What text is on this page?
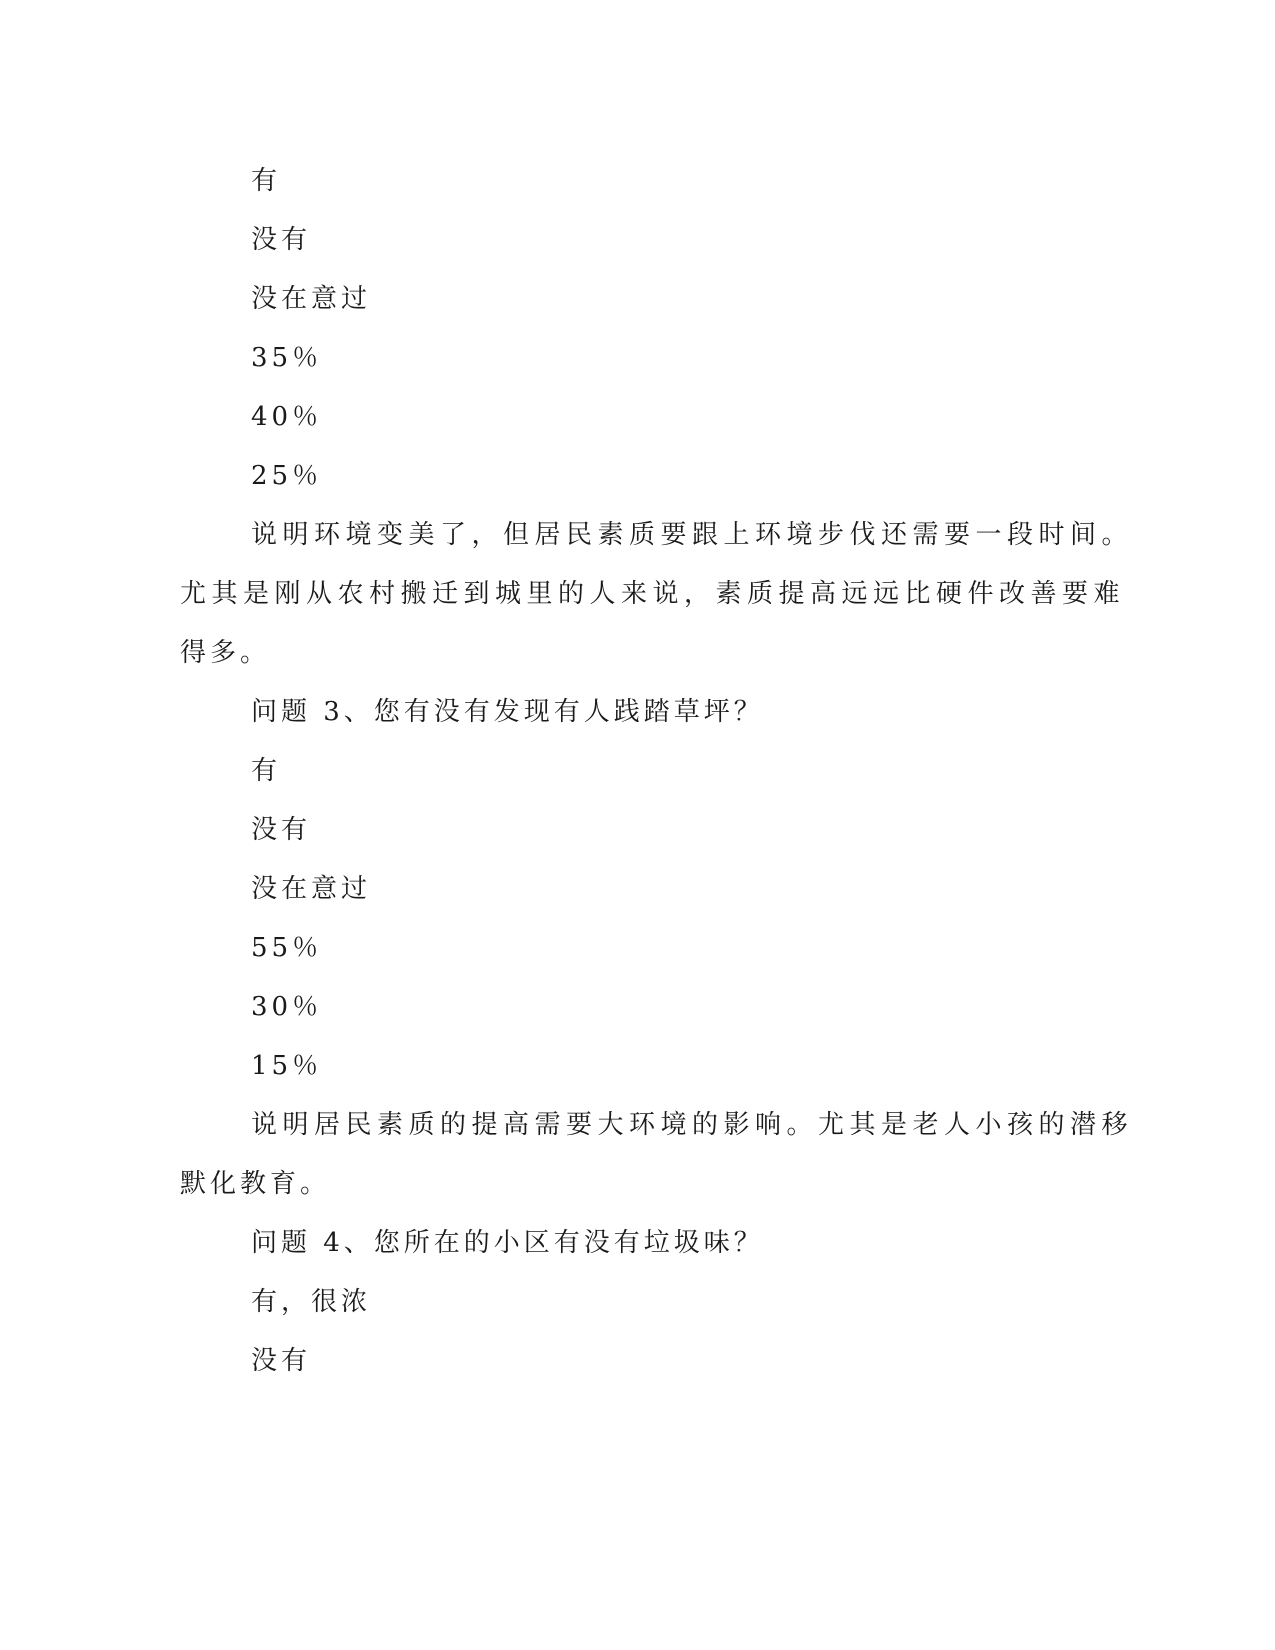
有
没有
没在意过
35％
40％
25％
说明环境变美了，但居民素质要跟上环境步伐还需要一段时间。
尤其是刚从农村搬迁到城里的人来说，素质提高远远比硬件改善要难
得多。
问题 3、您有没有发现有人践踏草坪？
有
没有
没在意过
55％
30％
15％
说明居民素质的提高需要大环境的影响。尤其是老人小孩的潜移
默化教育。
问题 4、您所在的小区有没有垃圾味？
有，很浓
没有
